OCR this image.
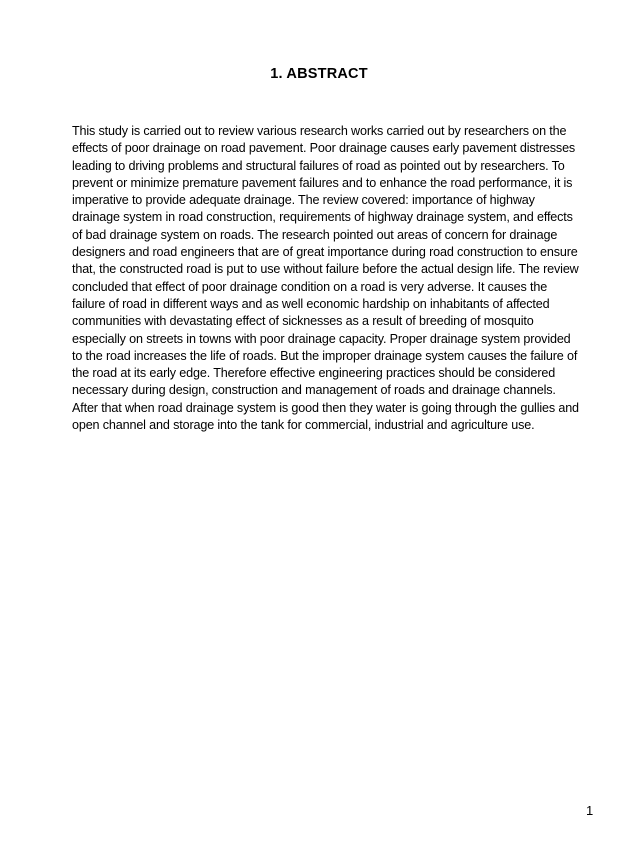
1. ABSTRACT

This study is carried out to review various research works carried out by researchers on the effects of poor drainage on road pavement. Poor drainage causes early pavement distresses leading to driving problems and structural failures of road as pointed out by researchers. To prevent or minimize premature pavement failures and to enhance the road performance, it is imperative to provide adequate drainage. The review covered: importance of highway drainage system in road construction, requirements of highway drainage system, and effects of bad drainage system on roads. The research pointed out areas of concern for drainage designers and road engineers that are of great importance during road construction to ensure that, the constructed road is put to use without failure before the actual design life. The review concluded that effect of poor drainage condition on a road is very adverse. It causes the failure of road in different ways and as well economic hardship on inhabitants of affected communities with devastating effect of sicknesses as a result of breeding of mosquito especially on streets in towns with poor drainage capacity. Proper drainage system provided to the road increases the life of roads. But the improper drainage system causes the failure of the road at its early edge. Therefore effective engineering practices should be considered necessary during design, construction and management of roads and drainage channels. After that when road drainage system is good then they water is going through the gullies and open channel and storage into the tank for commercial, industrial and agriculture use.

1
